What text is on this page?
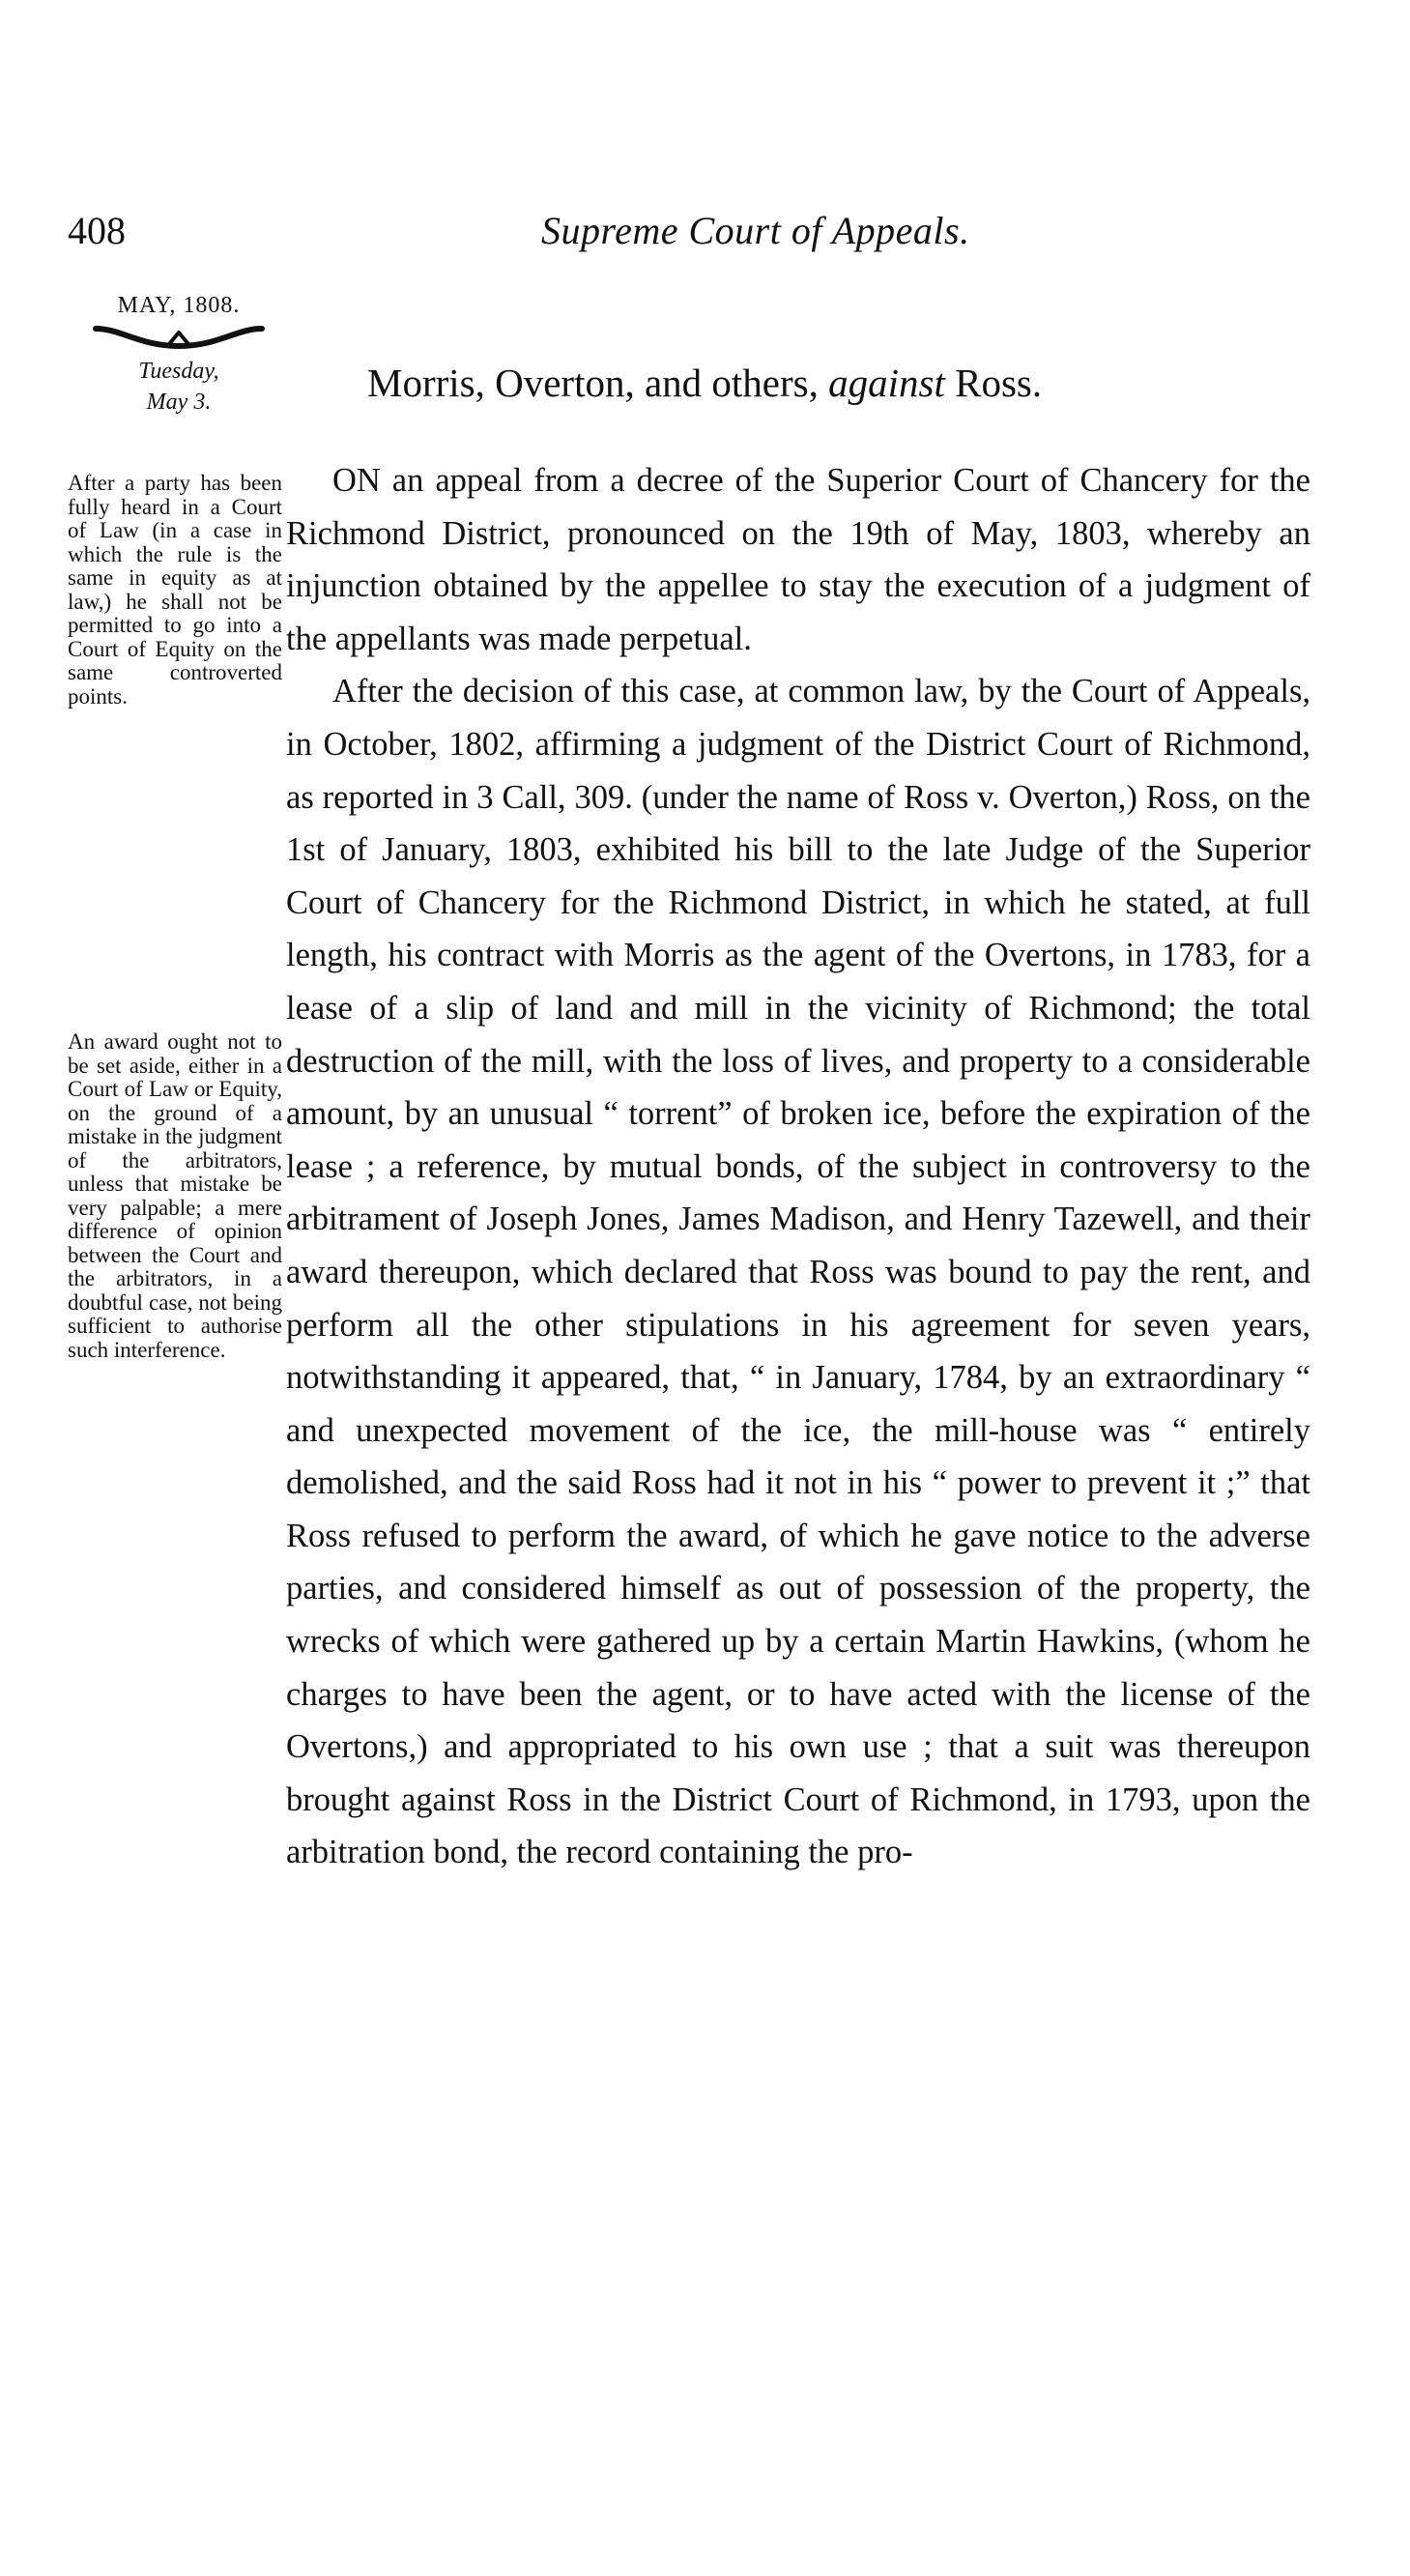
408	Supreme Court of Appeals.
MAY, 1808.
Tuesday,
May 3.	Morris, Overton, and others, against Ross.
After a party has been fully heard in a Court of Law (in a case in which the rule is the same in equity as at law,) he shall not be permitted to go into a Court of Equity on the same controverted points.
An award ought not to be set aside, either in a Court of Law or Equity, on the ground of a mistake in the judgment of the arbitrators, unless that mistake be very palpable; a mere difference of opinion between the Court and the arbitrators, in a doubtful case, not being sufficient to authorise such interference.

ON an appeal from a decree of the Superior Court of Chancery for the Richmond District, pronounced on the 19th of May, 1803, whereby an injunction obtained by the appellee to stay the execution of a judgment of the appellants was made perpetual.

After the decision of this case, at common law, by the Court of Appeals, in October, 1802, affirming a judgment of the District Court of Richmond, as reported in 3 Call, 309. (under the name of Ross v. Overton,) Ross, on the 1st of January, 1803, exhibited his bill to the late Judge of the Superior Court of Chancery for the Richmond District, in which he stated, at full length, his contract with Morris as the agent of the Overtons, in 1783, for a lease of a slip of land and mill in the vicinity of Richmond; the total destruction of the mill, with the loss of lives, and property to a considerable amount, by an unusual “ torrent” of broken ice, before the expiration of the lease ; a reference, by mutual bonds, of the subject in controversy to the arbitrament of Joseph Jones, James Madison, and Henry Tazewell, and their award thereupon, which declared that Ross was bound to pay the rent, and perform all the other stipulations in his agreement for seven years, notwithstanding it appeared, that, “ in January, 1784, by an extraordinary “ and unexpected movement of the ice, the mill-house was “ entirely demolished, and the said Ross had it not in his “ power to prevent it ;” that Ross refused to perform the award, of which he gave notice to the adverse parties, and considered himself as out of possession of the property, the wrecks of which were gathered up by a certain Martin Hawkins, (whom he charges to have been the agent, or to have acted with the license of the Overtons,) and appropriated to his own use ; that a suit was thereupon brought against Ross in the District Court of Richmond, in 1793, upon the arbitration bond, the record containing the pro-
